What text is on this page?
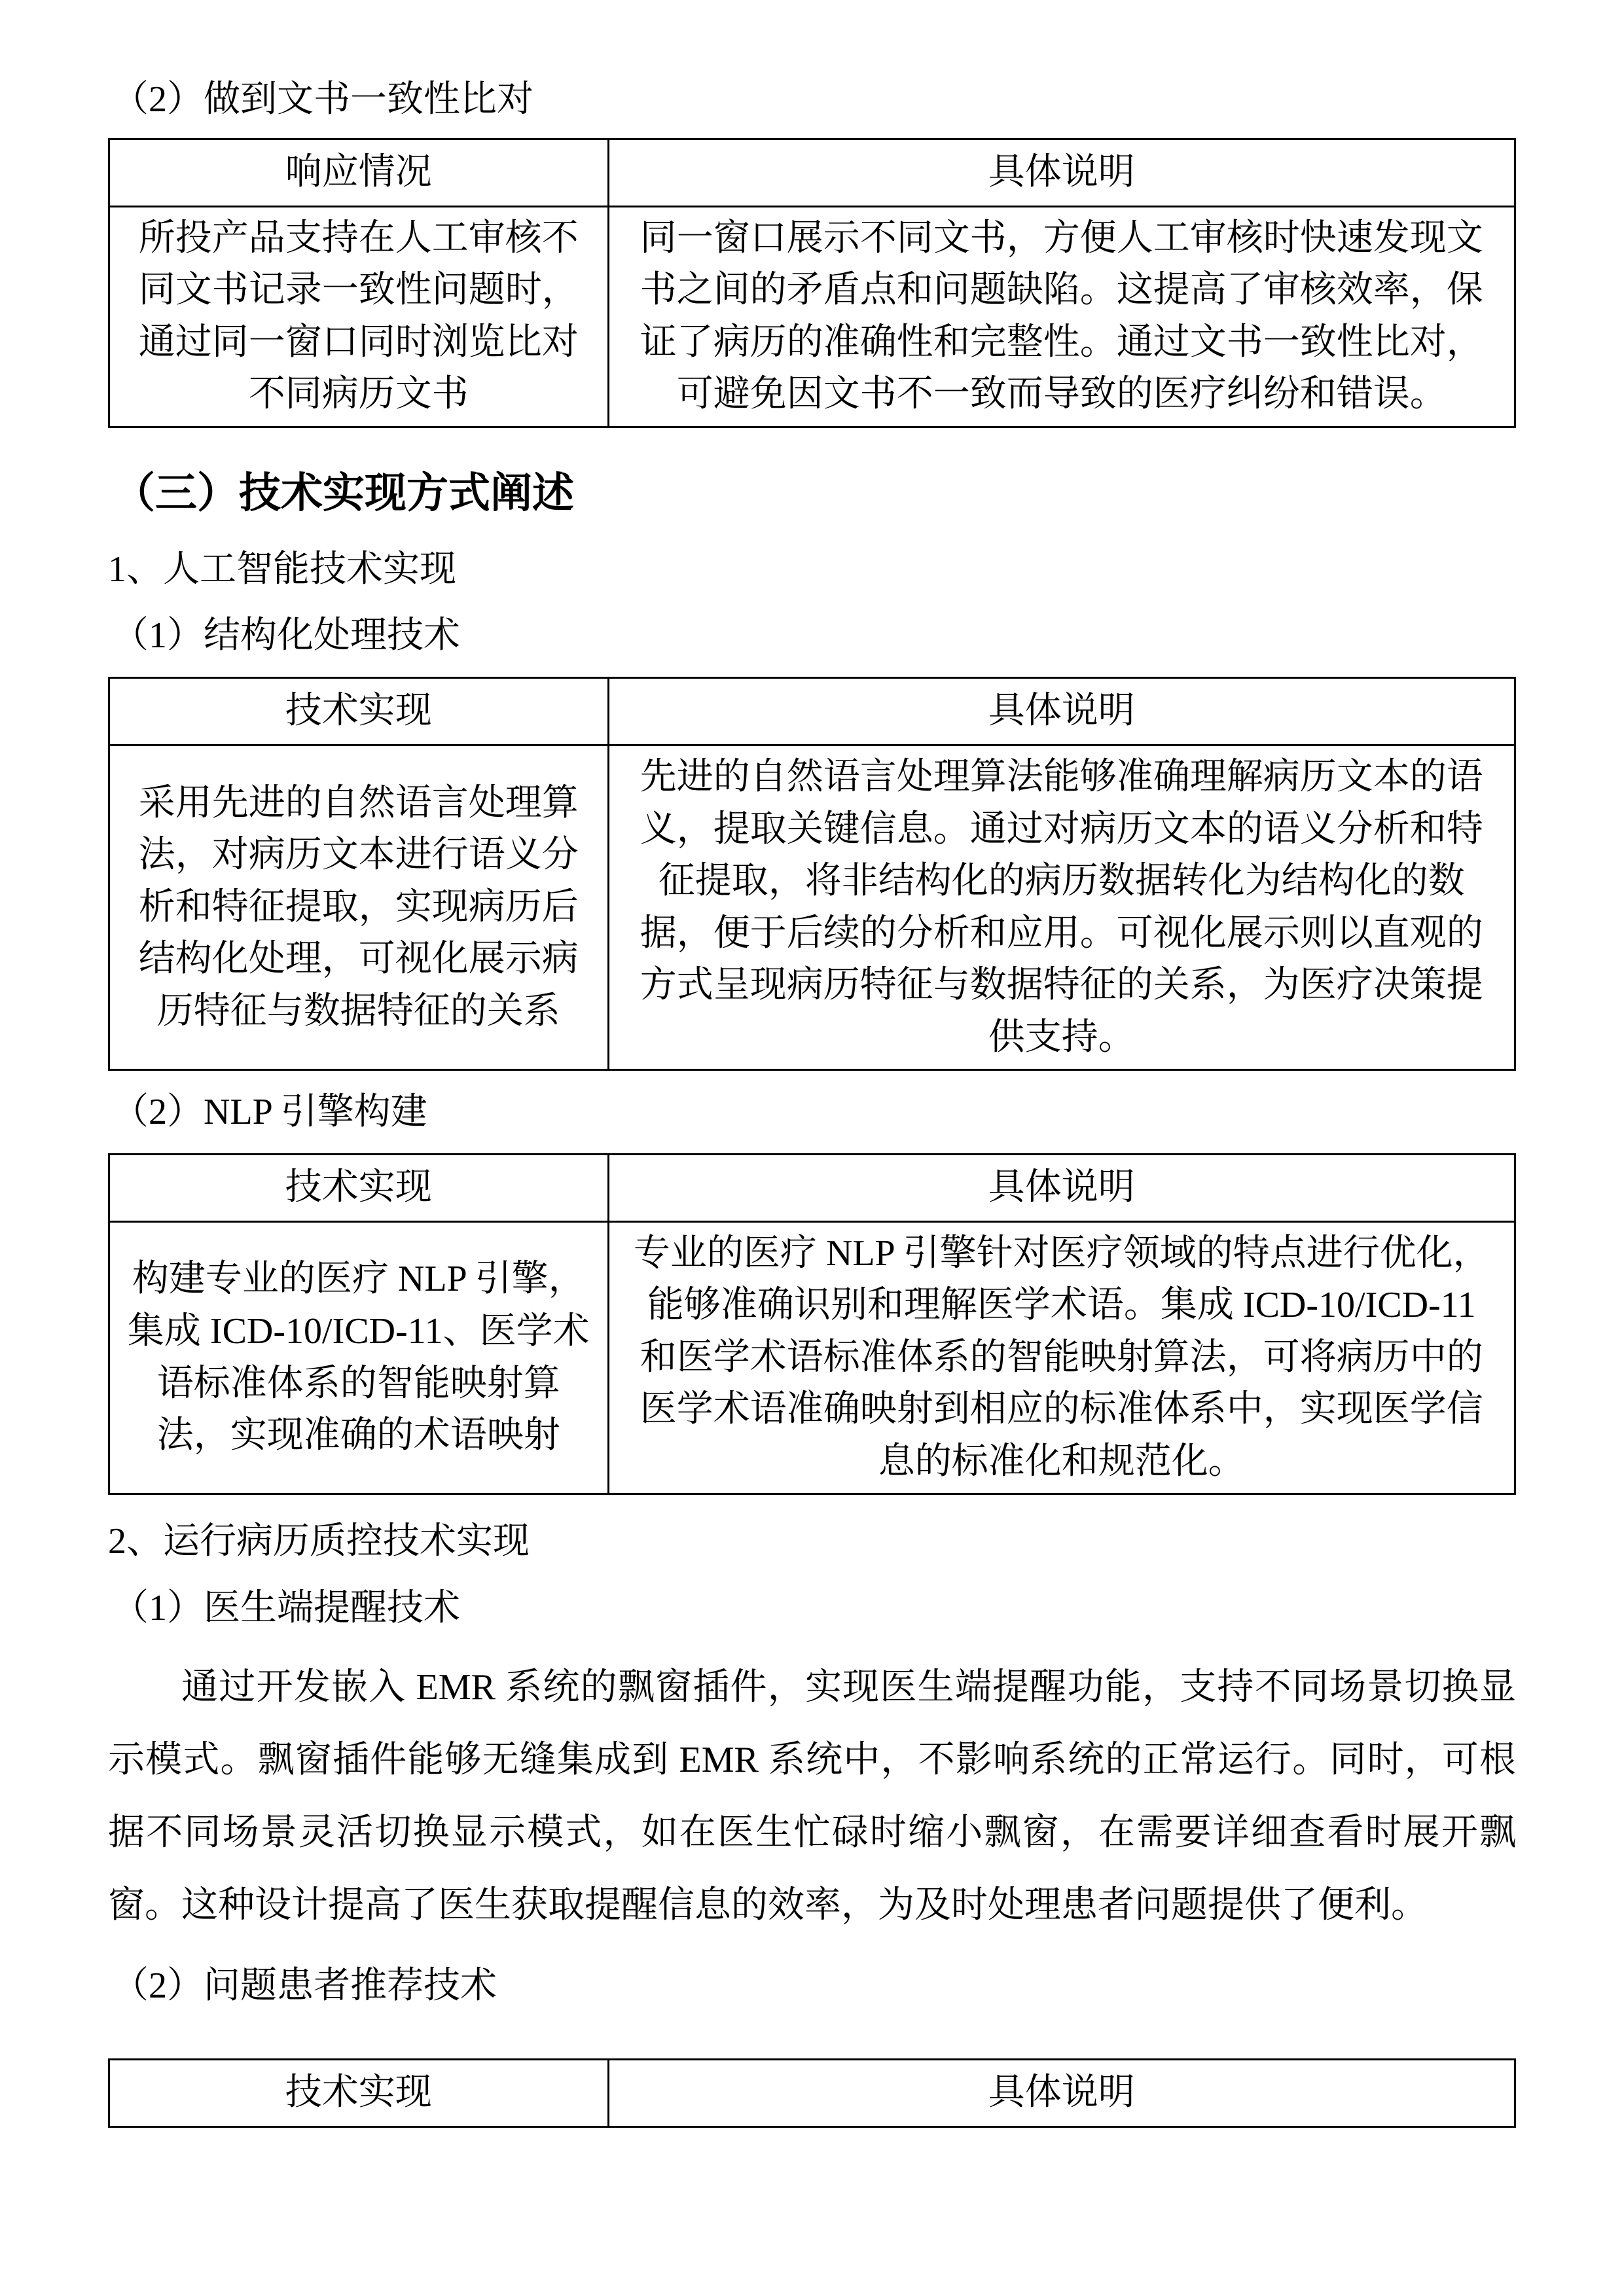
（2）做到文书一致性比对
响应情况	具体说明
所投产品支持在人工审核不同文书记录一致性问题时，通过同一窗口同时浏览比对不同病历文书	同一窗口展示不同文书，方便人工审核时快速发现文书之间的矛盾点和问题缺陷。这提高了审核效率，保证了病历的准确性和完整性。通过文书一致性比对，可避免因文书不一致而导致的医疗纠纷和错误。
（三）技术实现方式阐述
1、人工智能技术实现
（1）结构化处理技术
技术实现	具体说明
采用先进的自然语言处理算法，对病历文本进行语义分析和特征提取，实现病历后结构化处理，可视化展示病历特征与数据特征的关系	先进的自然语言处理算法能够准确理解病历文本的语义，提取关键信息。通过对病历文本的语义分析和特征提取，将非结构化的病历数据转化为结构化的数据，便于后续的分析和应用。可视化展示则以直观的方式呈现病历特征与数据特征的关系，为医疗决策提供支持。
（2）NLP 引擎构建
技术实现	具体说明
构建专业的医疗 NLP 引擎，集成 ICD-10/ICD-11、医学术语标准体系的智能映射算法，实现准确的术语映射	专业的医疗 NLP 引擎针对医疗领域的特点进行优化，能够准确识别和理解医学术语。集成 ICD-10/ICD-11 和医学术语标准体系的智能映射算法，可将病历中的医学术语准确映射到相应的标准体系中，实现医学信息的标准化和规范化。
2、运行病历质控技术实现
（1）医生端提醒技术
通过开发嵌入 EMR 系统的飘窗插件，实现医生端提醒功能，支持不同场景切换显示模式。飘窗插件能够无缝集成到 EMR 系统中，不影响系统的正常运行。同时，可根据不同场景灵活切换显示模式，如在医生忙碌时缩小飘窗，在需要详细查看时展开飘窗。这种设计提高了医生获取提醒信息的效率，为及时处理患者问题提供了便利。
（2）问题患者推荐技术
技术实现	具体说明
